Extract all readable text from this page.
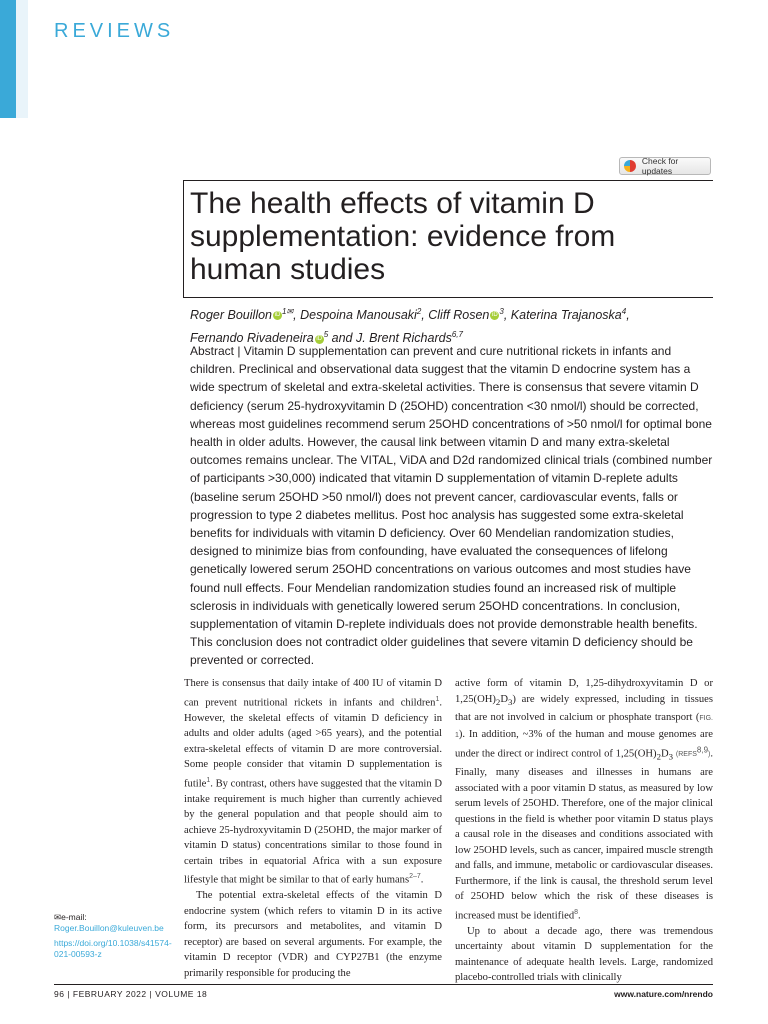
REVIEWS
Check for updates
The health effects of vitamin D supplementation: evidence from human studies
Roger Bouillon iD $^{1✉}$, Despoina Manousaki$^2$, Cliff Rosen iD $^3$, Katerina Trajanoska$^4$,
Fernando Rivadeneira iD $^5$ and J. Brent Richards$^{6,7}$

Abstract | Vitamin D supplementation can prevent and cure nutritional rickets in infants and children. Preclinical and observational data suggest that the vitamin D endocrine system has a wide spectrum of skeletal and extra-skeletal activities. There is consensus that severe vitamin D deficiency (serum 25-hydroxyvitamin D (25OHD) concentration <30 nmol/l) should be corrected, whereas most guidelines recommend serum 25OHD concentrations of >50 nmol/l for optimal bone health in older adults. However, the causal link between vitamin D and many extra-skeletal outcomes remains unclear. The VITAL, ViDA and D2d randomized clinical trials (combined number of participants >30,000) indicated that vitamin D supplementation of vitamin D-replete adults (baseline serum 25OHD >50 nmol/l) does not prevent cancer, cardiovascular events, falls or progression to type 2 diabetes mellitus. Post hoc analysis has suggested some extra-skeletal benefits for individuals with vitamin D deficiency. Over 60 Mendelian randomization studies, designed to minimize bias from confounding, have evaluated the consequences of lifelong genetically lowered serum 25OHD concentrations on various outcomes and most studies have found null effects. Four Mendelian randomization studies found an increased risk of multiple sclerosis in individuals with genetically lowered serum 25OHD concentrations. In conclusion, supplementation of vitamin D-replete individuals does not provide demonstrable health benefits. This conclusion does not contradict older guidelines that severe vitamin D deficiency should be prevented or corrected.

There is consensus that daily intake of 400 IU of vitamin D can prevent nutritional rickets in infants and children$^1$. However, the skeletal effects of vitamin D deficiency in adults and older adults (aged >65 years), and the potential extra-skeletal effects of vitamin D are more controversial. Some people consider that vitamin D supplementation is futile$^1$. By contrast, others have suggested that the vitamin D intake requirement is much higher than currently achieved by the general population and that people should aim to achieve 25-hydroxyvitamin D (25OHD, the major marker of vitamin D status) concentrations similar to those found in certain tribes in equatorial Africa with a sun exposure lifestyle that might be similar to that of early humans$^{2-7}$.

The potential extra-skeletal effects of the vitamin D endocrine system (which refers to vitamin D in its active form, its precursors and metabolites, and vitamin D receptor) are based on several arguments. For example, the vitamin D receptor (VDR) and CYP27B1 (the enzyme primarily responsible for producing the

active form of vitamin D, 1,25-dihydroxyvitamin D or $1,25(OH)_2D_3$) are widely expressed, including in tissues that are not involved in calcium or phosphate transport (FIG. 1). In addition, ~3% of the human and mouse genomes are under the direct or indirect control of $1,25(OH)_2D_3$ (REFS$^{8,9}$). Finally, many diseases and illnesses in humans are associated with a poor vitamin D status, as measured by low serum levels of 25OHD. Therefore, one of the major clinical questions in the field is whether poor vitamin D status plays a causal role in the diseases and conditions associated with low 25OHD levels, such as cancer, impaired muscle strength and falls, and immune, metabolic or cardiovascular diseases. Furthermore, if the link is causal, the threshold serum level of 25OHD below which the risk of these diseases is increased must be identified$^8$.

Up to about a decade ago, there was tremendous uncertainty about vitamin D supplementation for the maintenance of adequate health levels. Large, randomized placebo-controlled trials with clinically

✉e-mail: Roger.Bouillon@kuleuven.be
https://doi.org/10.1038/s41574-021-00593-z
96 | FEBRUARY 2022 | VOLUME 18	www.nature.com/nrendo
